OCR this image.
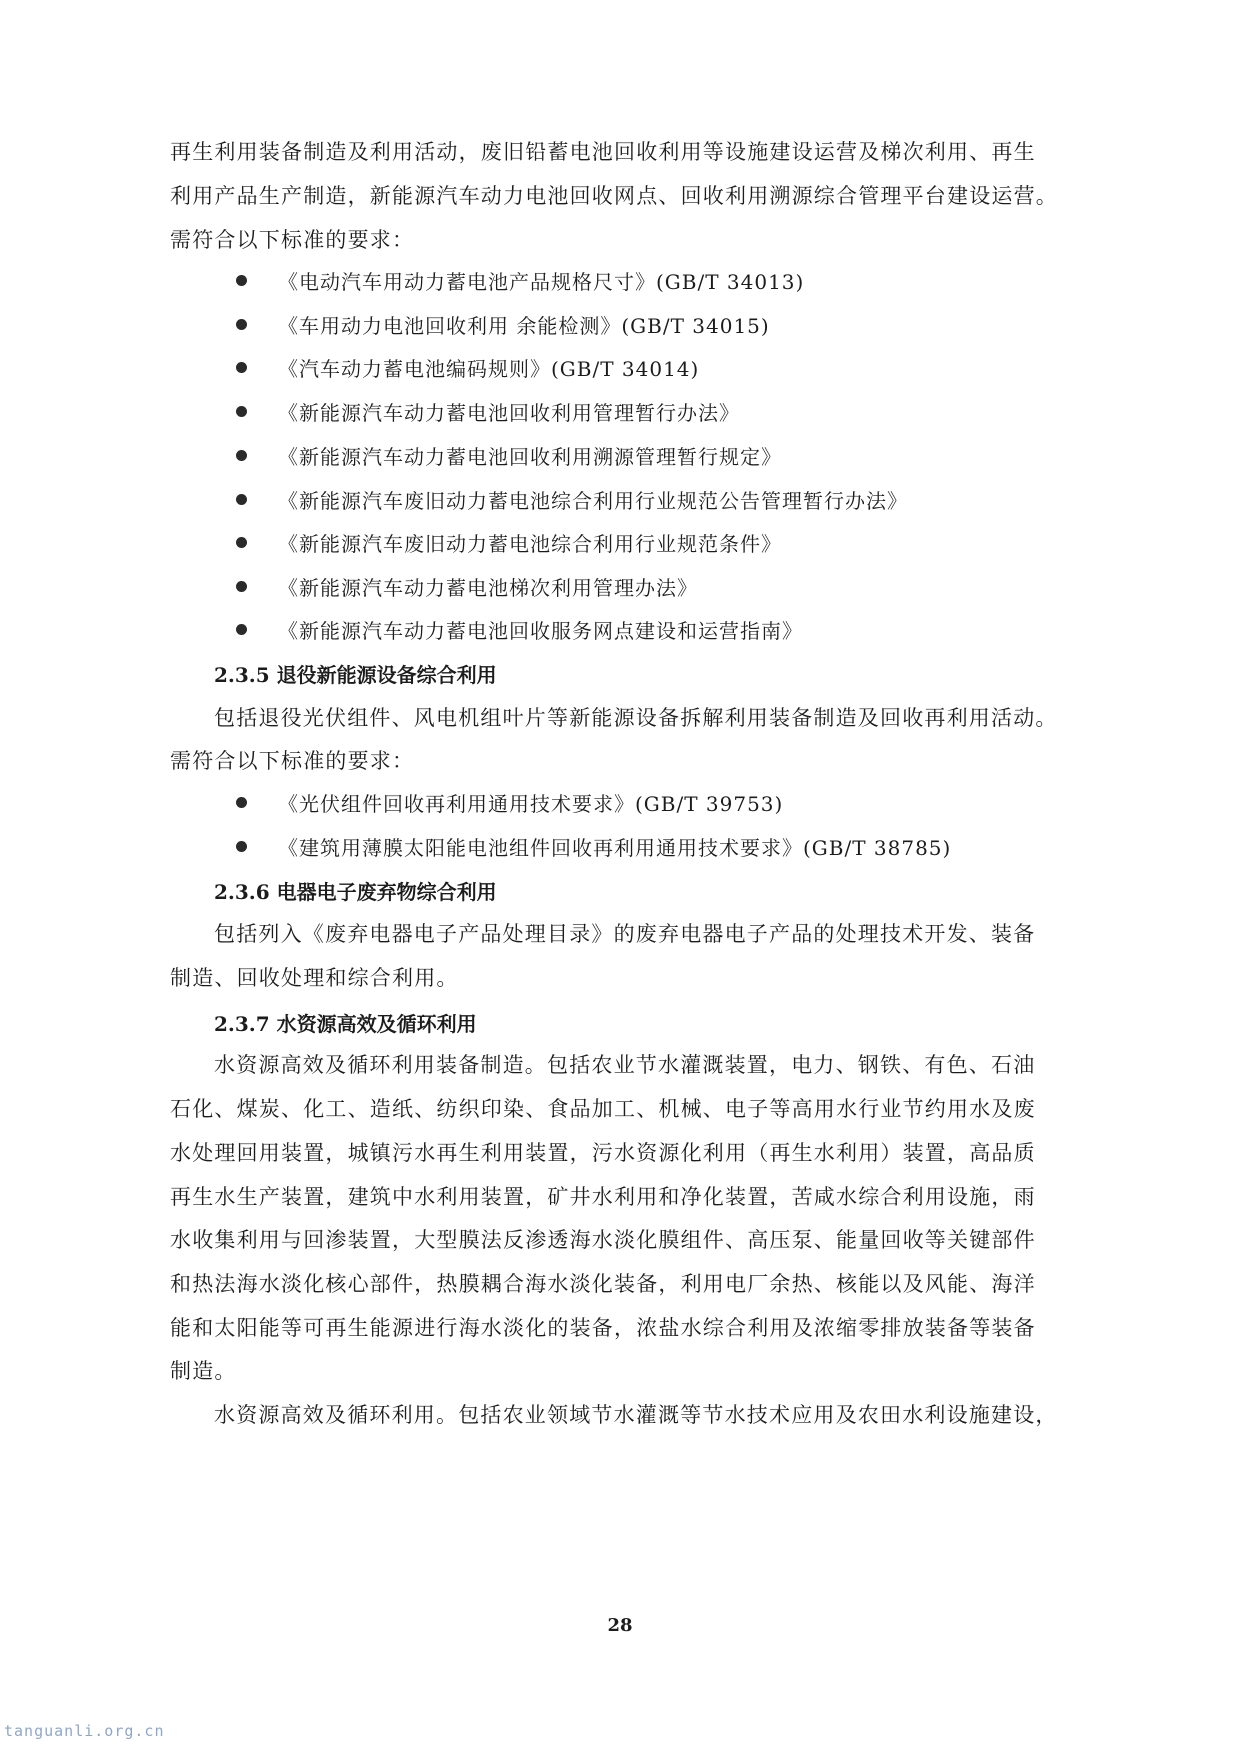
再生利用装备制造及利用活动，废旧铅蓄电池回收利用等设施建设运营及梯次利用、再生
利用产品生产制造，新能源汽车动力电池回收网点、回收利用溯源综合管理平台建设运营。
需符合以下标准的要求：
《电动汽车用动力蓄电池产品规格尺寸》(GB/T 34013)
《车用动力电池回收利用 余能检测》(GB/T 34015)
《汽车动力蓄电池编码规则》(GB/T 34014)
《新能源汽车动力蓄电池回收利用管理暂行办法》
《新能源汽车动力蓄电池回收利用溯源管理暂行规定》
《新能源汽车废旧动力蓄电池综合利用行业规范公告管理暂行办法》
《新能源汽车废旧动力蓄电池综合利用行业规范条件》
《新能源汽车动力蓄电池梯次利用管理办法》
《新能源汽车动力蓄电池回收服务网点建设和运营指南》
2.3.5 退役新能源设备综合利用
包括退役光伏组件、风电机组叶片等新能源设备拆解利用装备制造及回收再利用活动。
需符合以下标准的要求：
《光伏组件回收再利用通用技术要求》(GB/T 39753)
《建筑用薄膜太阳能电池组件回收再利用通用技术要求》(GB/T 38785)
2.3.6 电器电子废弃物综合利用
包括列入《废弃电器电子产品处理目录》的废弃电器电子产品的处理技术开发、装备
制造、回收处理和综合利用。
2.3.7 水资源高效及循环利用
水资源高效及循环利用装备制造。包括农业节水灌溉装置，电力、钢铁、有色、石油
石化、煤炭、化工、造纸、纺织印染、食品加工、机械、电子等高用水行业节约用水及废
水处理回用装置，城镇污水再生利用装置，污水资源化利用（再生水利用）装置，高品质
再生水生产装置，建筑中水利用装置，矿井水利用和净化装置，苦咸水综合利用设施，雨
水收集利用与回渗装置，大型膜法反渗透海水淡化膜组件、高压泵、能量回收等关键部件
和热法海水淡化核心部件，热膜耦合海水淡化装备，利用电厂余热、核能以及风能、海洋
能和太阳能等可再生能源进行海水淡化的装备，浓盐水综合利用及浓缩零排放装备等装备
制造。
水资源高效及循环利用。包括农业领域节水灌溉等节水技术应用及农田水利设施建设，
28
tanguanli.org.cn
